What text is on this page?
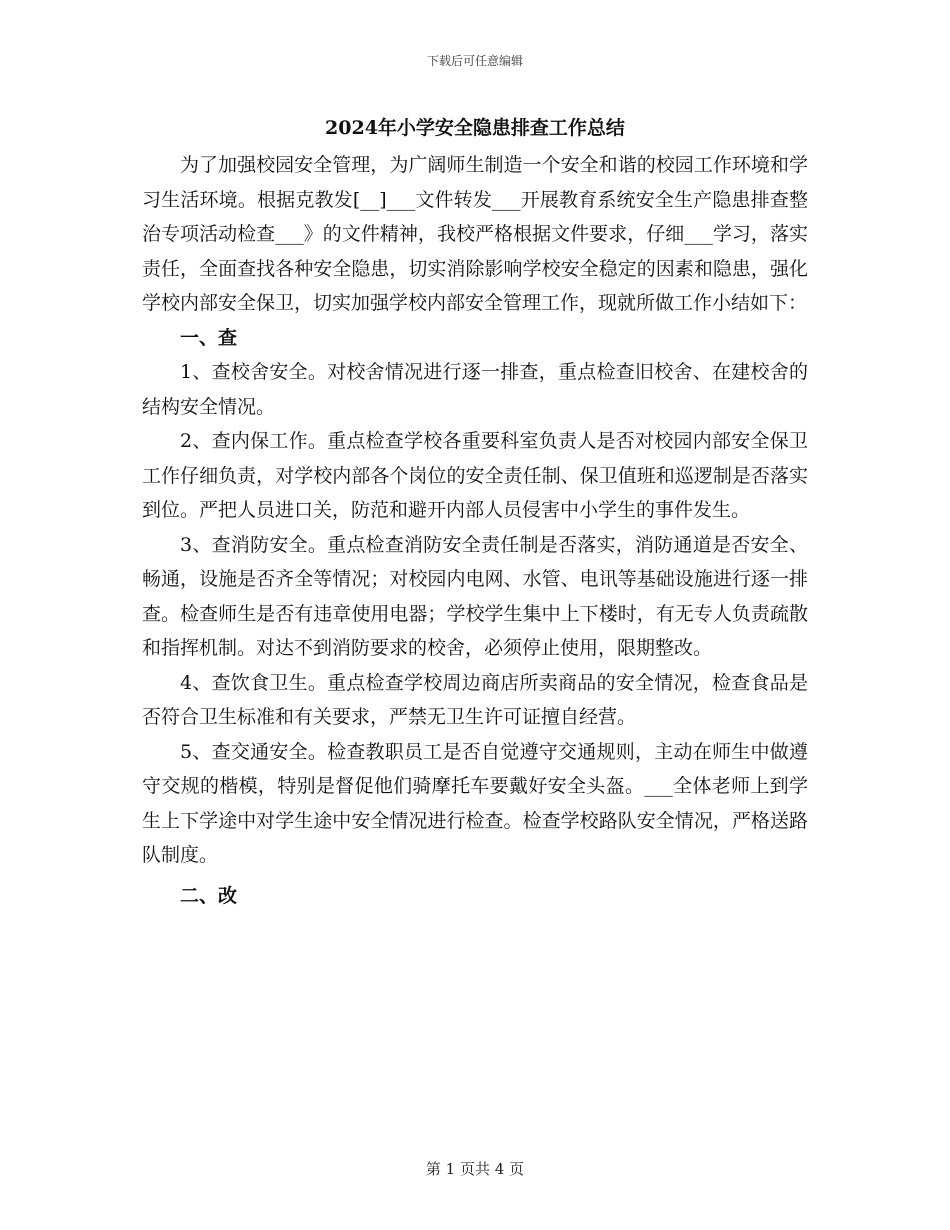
下载后可任意编辑
2024年小学安全隐患排查工作总结

为了加强校园安全管理，为广阔师生制造一个安全和谐的校园工作环境和学习生活环境。根据克教发[__]___文件转发___开展教育系统安全生产隐患排查整治专项活动检查___》的文件精神，我校严格根据文件要求，仔细___学习，落实责任，全面查找各种安全隐患，切实消除影响学校安全稳定的因素和隐患，强化学校内部安全保卫，切实加强学校内部安全管理工作，现就所做工作小结如下：

一、查

1、查校舍安全。对校舍情况进行逐一排查，重点检查旧校舍、在建校舍的结构安全情况。

2、查内保工作。重点检查学校各重要科室负责人是否对校园内部安全保卫工作仔细负责，对学校内部各个岗位的安全责任制、保卫值班和巡逻制是否落实到位。严把人员进口关，防范和避开内部人员侵害中小学生的事件发生。

3、查消防安全。重点检查消防安全责任制是否落实，消防通道是否安全、畅通，设施是否齐全等情况；对校园内电网、水管、电讯等基础设施进行逐一排查。检查师生是否有违章使用电器；学校学生集中上下楼时，有无专人负责疏散和指挥机制。对达不到消防要求的校舍，必须停止使用，限期整改。

4、查饮食卫生。重点检查学校周边商店所卖商品的安全情况，检查食品是否符合卫生标准和有关要求，严禁无卫生许可证擅自经营。

5、查交通安全。检查教职员工是否自觉遵守交通规则，主动在师生中做遵守交规的楷模，特别是督促他们骑摩托车要戴好安全头盔。___全体老师上到学生上下学途中对学生途中安全情况进行检查。检查学校路队安全情况，严格送路队制度。

二、改
第 1 页共 4 页
